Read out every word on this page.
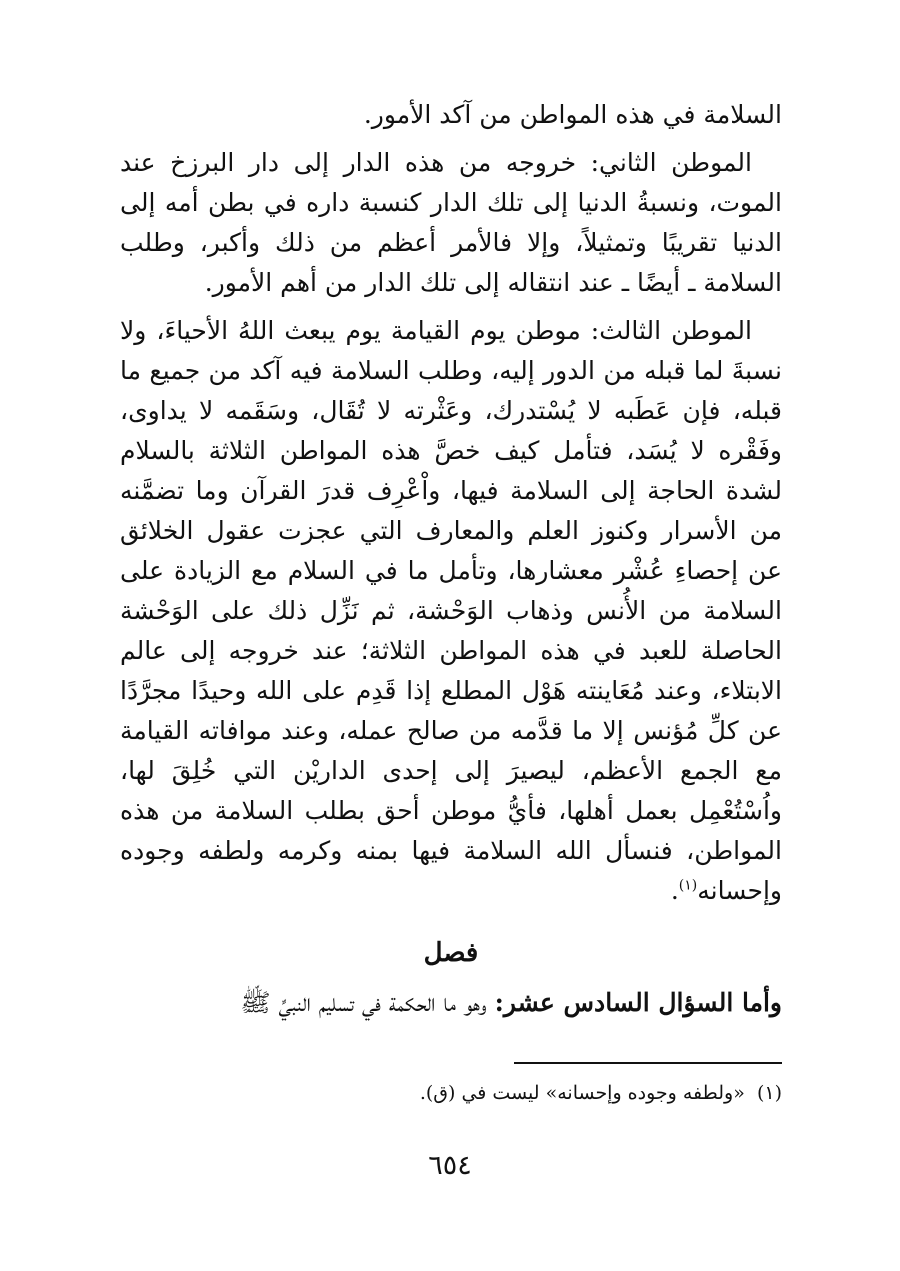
السلامة في هذه المواطن من آكد الأمور.

الموطن الثاني: خروجه من هذه الدار إلى دار البرزخ عند الموت، ونسبةُ الدنيا إلى تلك الدار كنسبة داره في بطن أمه إلى الدنيا تقريبًا وتمثيلاً، وإلا فالأمر أعظم من ذلك وأكبر، وطلب السلامة ـ أيضًا ـ عند انتقاله إلى تلك الدار من أهم الأمور.

الموطن الثالث: موطن يوم القيامة يوم يبعث اللهُ الأحياءَ، ولا نسبةَ لما قبله من الدور إليه، وطلب السلامة فيه آكد من جميع ما قبله، فإن عَطَبه لا يُسْتدرك، وعَثْرته لا تُقَال، وسَقَمه لا يداوى، وفَقْره لا يُسَد، فتأمل كيف خصَّ هذه المواطن الثلاثة بالسلام لشدة الحاجة إلى السلامة فيها، واْعْرِف قدرَ القرآن وما تضمَّنه من الأسرار وكنوز العلم والمعارف التي عجزت عقول الخلائق عن إحصاءِ عُشْر معشارها، وتأمل ما في السلام مع الزيادة على السلامة من الأُنس وذهاب الوَحْشة، ثم نَزِّل ذلك على الوَحْشة الحاصلة للعبد في هذه المواطن الثلاثة؛ عند خروجه إلى عالم الابتلاء، وعند مُعَاينته هَوْل المطلع إذا قَدِم على الله وحيدًا مجرَّدًا عن كلِّ مُؤنس إلا ما قدَّمه من صالح عمله، وعند موافاته القيامة مع الجمع الأعظم، ليصيرَ إلى إحدى الداريْن التي خُلِقَ لها، واُسْتُعْمِل بعمل أهلها، فأيُّ موطن أحق بطلب السلامة من هذه المواطن، فنسأل الله السلامة فيها بمنه وكرمه ولطفه وجوده وإحسانه$^{(١)}$.

فصل

وأما السؤال السادس عشر: وهو ما الحكمة في تسليم النبيِّ ﷺ

(١)  «ولطفه وجوده وإحسانه» ليست في (ق).
٦٥٤
